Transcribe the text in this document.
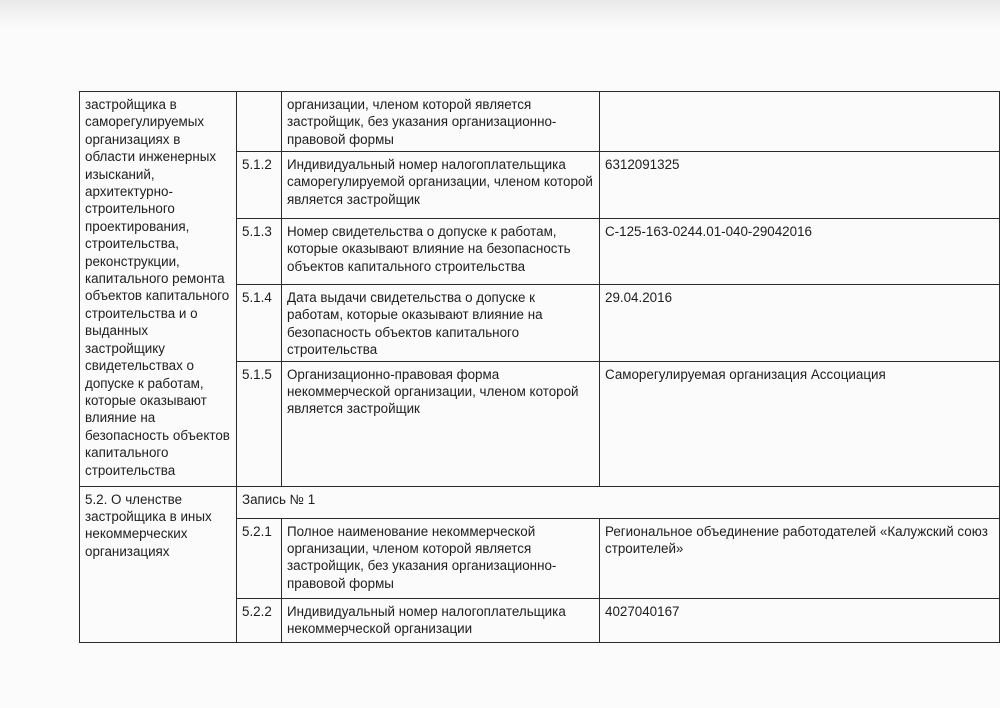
застройщика в саморегулируемых организациях в области инженерных изысканий, архитектурно-строительного проектирования, строительства, реконструкции, капитального ремонта объектов капитального строительства и о выданных застройщику свидетельствах о допуске к работам, которые оказывают влияние на безопасность объектов капитального строительства		организации, членом которой является застройщик, без указания организационно-правовой формы	
	5.1.2	Индивидуальный номер налогоплательщика саморегулируемой организации, членом которой является застройщик	6312091325
	5.1.3	Номер свидетельства о допуске к работам, которые оказывают влияние на безопасность объектов капитального строительства	С-125-163-0244.01-040-29042016
	5.1.4	Дата выдачи свидетельства о допуске к работам, которые оказывают влияние на безопасность объектов капитального строительства	29.04.2016
	5.1.5	Организационно-правовая форма некоммерческой организации, членом которой является застройщик	Саморегулируемая организация Ассоциация
5.2. О членстве застройщика в иных некоммерческих организациях	Запись № 1		
	5.2.1	Полное наименование некоммерческой организации, членом которой является застройщик, без указания организационно-правовой формы	Региональное объединение работодателей «Калужский союз строителей»
	5.2.2	Индивидуальный номер налогоплательщика некоммерческой организации	4027040167
